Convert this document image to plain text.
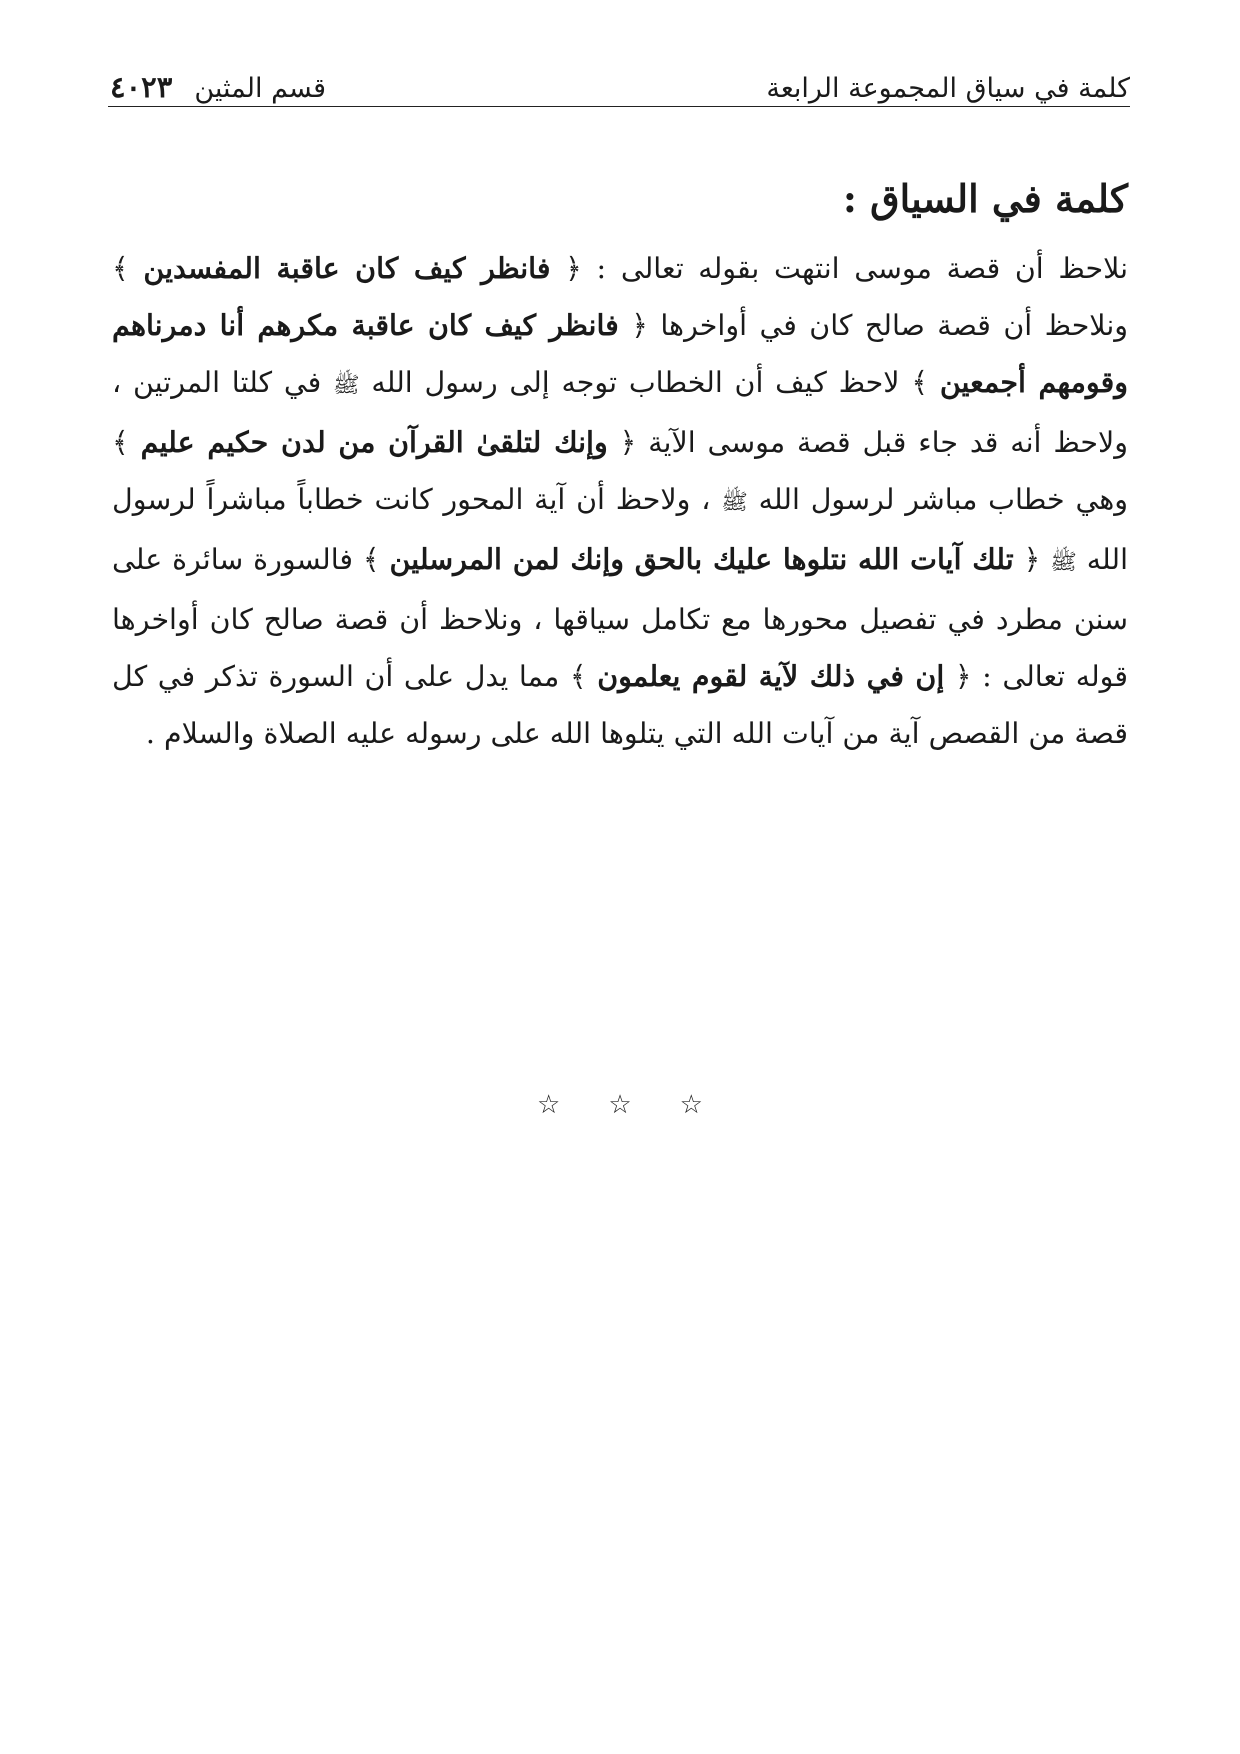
كلمة في سياق المجموعة الرابعة
قسم المثين
٤٠٢٣
كلمة في السياق :

نلاحظ أن قصة موسى انتهت بقوله تعالى : ﴿ فانظر كيف كان عاقبة المفسدين ﴾ ونلاحظ أن قصة صالح كان في أواخرها ﴿ فانظر كيف كان عاقبة مكرهم أنا دمرناهم وقومهم أجمعين ﴾ لاحظ كيف أن الخطاب توجه إلى رسول الله ﷺ في كلتا المرتين ، ولاحظ أنه قد جاء قبل قصة موسى الآية ﴿ وإنك لتلقىٰ القرآن من لدن حكيم عليم ﴾ وهي خطاب مباشر لرسول الله ﷺ ، ولاحظ أن آية المحور كانت خطاباً مباشراً لرسول الله ﷺ ﴿ تلك آيات الله نتلوها عليك بالحق وإنك لمن المرسلين ﴾ فالسورة سائرة على سنن مطرد في تفصيل محورها مع تكامل سياقها ، ونلاحظ أن قصة صالح كان أواخرها قوله تعالى : ﴿ إن في ذلك لآية لقوم يعلمون ﴾ مما يدل على أن السورة تذكر في كل قصة من القصص آية من آيات الله التي يتلوها الله على رسوله عليه الصلاة والسلام .

☆ ☆ ☆
